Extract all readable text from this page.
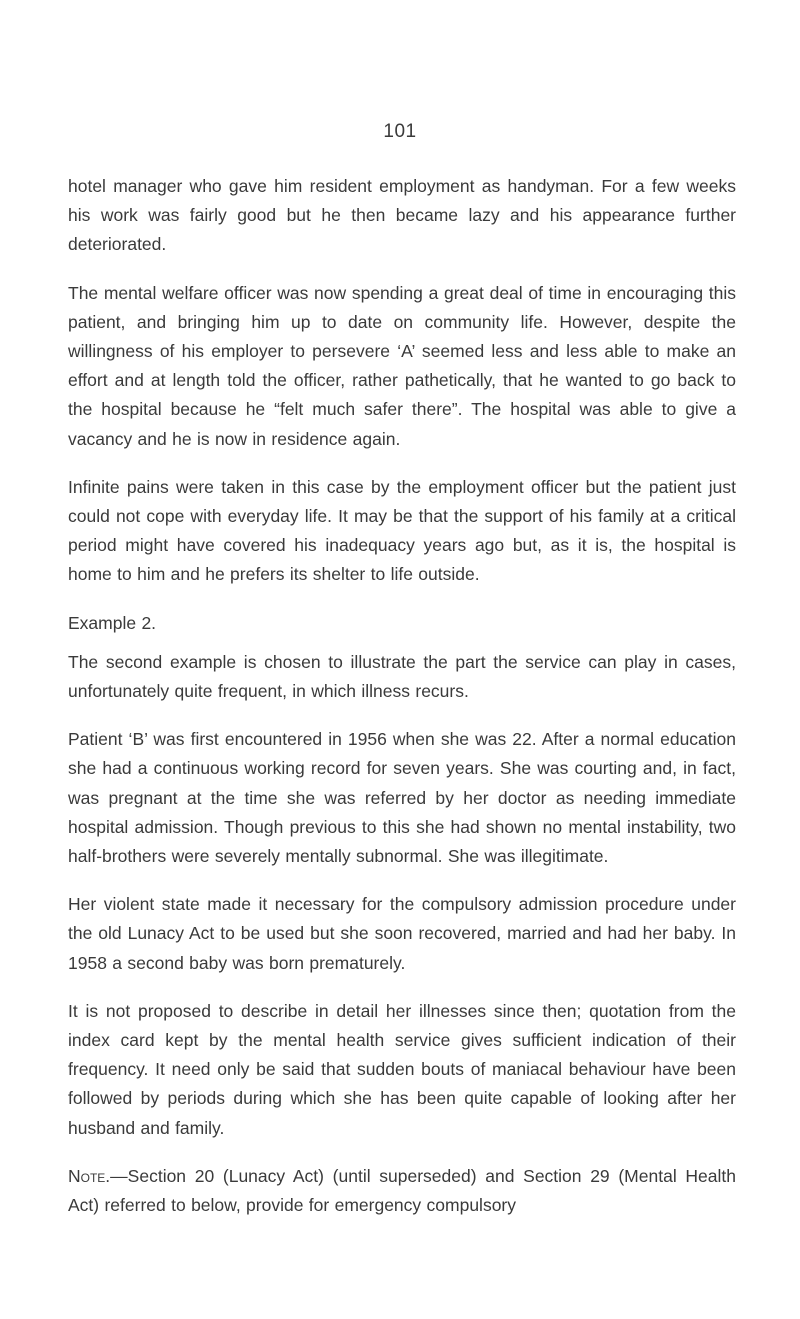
101

hotel manager who gave him resident employment as handyman. For a few weeks his work was fairly good but he then became lazy and his appearance further deteriorated.

The mental welfare officer was now spending a great deal of time in encouraging this patient, and bringing him up to date on community life. However, despite the willingness of his employer to persevere ‘A’ seemed less and less able to make an effort and at length told the officer, rather pathetically, that he wanted to go back to the hospital because he “felt much safer there”. The hospital was able to give a vacancy and he is now in residence again.

Infinite pains were taken in this case by the employment officer but the patient just could not cope with everyday life. It may be that the support of his family at a critical period might have covered his inadequacy years ago but, as it is, the hospital is home to him and he prefers its shelter to life outside.

Example 2.

The second example is chosen to illustrate the part the service can play in cases, unfortunately quite frequent, in which illness recurs.

Patient ‘B’ was first encountered in 1956 when she was 22. After a normal education she had a continuous working record for seven years. She was courting and, in fact, was pregnant at the time she was referred by her doctor as needing immediate hospital admission. Though previous to this she had shown no mental instability, two half-brothers were severely mentally subnormal. She was illegitimate.

Her violent state made it necessary for the compulsory admission procedure under the old Lunacy Act to be used but she soon recovered, married and had her baby. In 1958 a second baby was born prematurely.

It is not proposed to describe in detail her illnesses since then; quotation from the index card kept by the mental health service gives sufficient indication of their frequency. It need only be said that sudden bouts of maniacal behaviour have been followed by periods during which she has been quite capable of looking after her husband and family.

Note.—Section 20 (Lunacy Act) (until superseded) and Section 29 (Mental Health Act) referred to below, provide for emergency compulsory
